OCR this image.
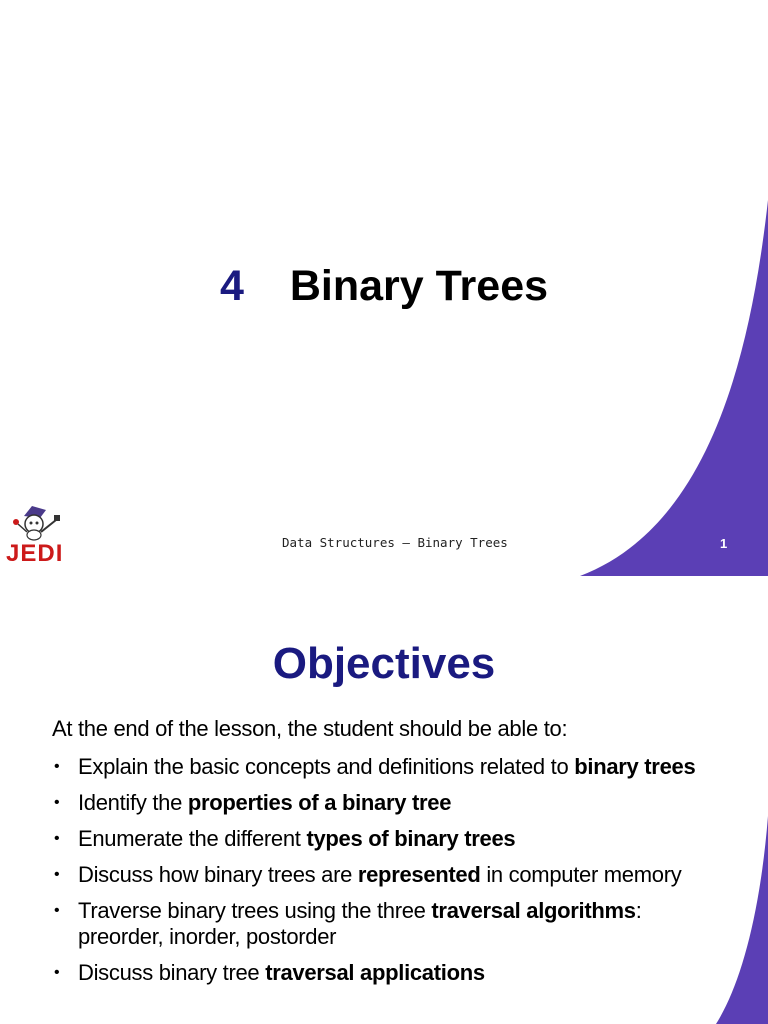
4 Binary Trees
JEDI	Data Structures – Binary Trees	1
Objectives
At the end of the lesson, the student should be able to:
• Explain the basic concepts and definitions related to binary trees
• Identify the properties of a binary tree
• Enumerate the different types of binary trees
• Discuss how binary trees are represented in computer memory
• Traverse binary trees using the three traversal algorithms: preorder, inorder, postorder
• Discuss binary tree traversal applications
